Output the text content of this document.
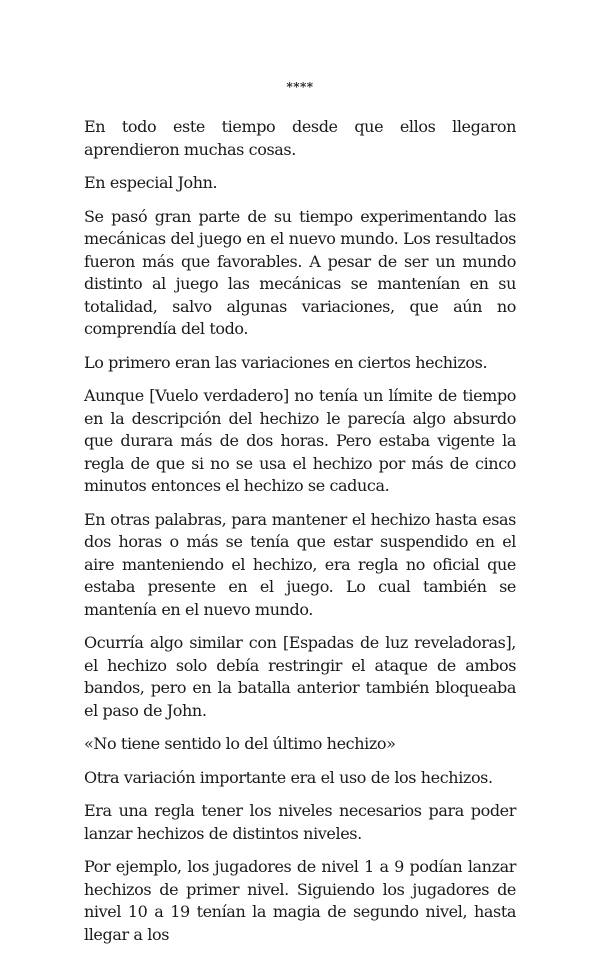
****

En todo este tiempo desde que ellos llegaron aprendieron muchas cosas.

En especial John.

Se pasó gran parte de su tiempo experimentando las mecánicas del juego en el nuevo mundo. Los resultados fueron más que favorables. A pesar de ser un mundo distinto al juego las mecánicas se mantenían en su totalidad, salvo algunas variaciones, que aún no comprendía del todo.

Lo primero eran las variaciones en ciertos hechizos.

Aunque [Vuelo verdadero] no tenía un límite de tiempo en la descripción del hechizo le parecía algo absurdo que durara más de dos horas. Pero estaba vigente la regla de que si no se usa el hechizo por más de cinco minutos entonces el hechizo se caduca.

En otras palabras, para mantener el hechizo hasta esas dos horas o más se tenía que estar suspendido en el aire manteniendo el hechizo, era regla no oficial que estaba presente en el juego. Lo cual también se mantenía en el nuevo mundo.

Ocurría algo similar con [Espadas de luz reveladoras], el hechizo solo debía restringir el ataque de ambos bandos, pero en la batalla anterior también bloqueaba el paso de John.

«No tiene sentido lo del último hechizo»

Otra variación importante era el uso de los hechizos.

Era una regla tener los niveles necesarios para poder lanzar hechizos de distintos niveles.

Por ejemplo, los jugadores de nivel 1 a 9 podían lanzar hechizos de primer nivel. Siguiendo los jugadores de nivel 10 a 19 tenían la magia de segundo nivel, hasta llegar a los
